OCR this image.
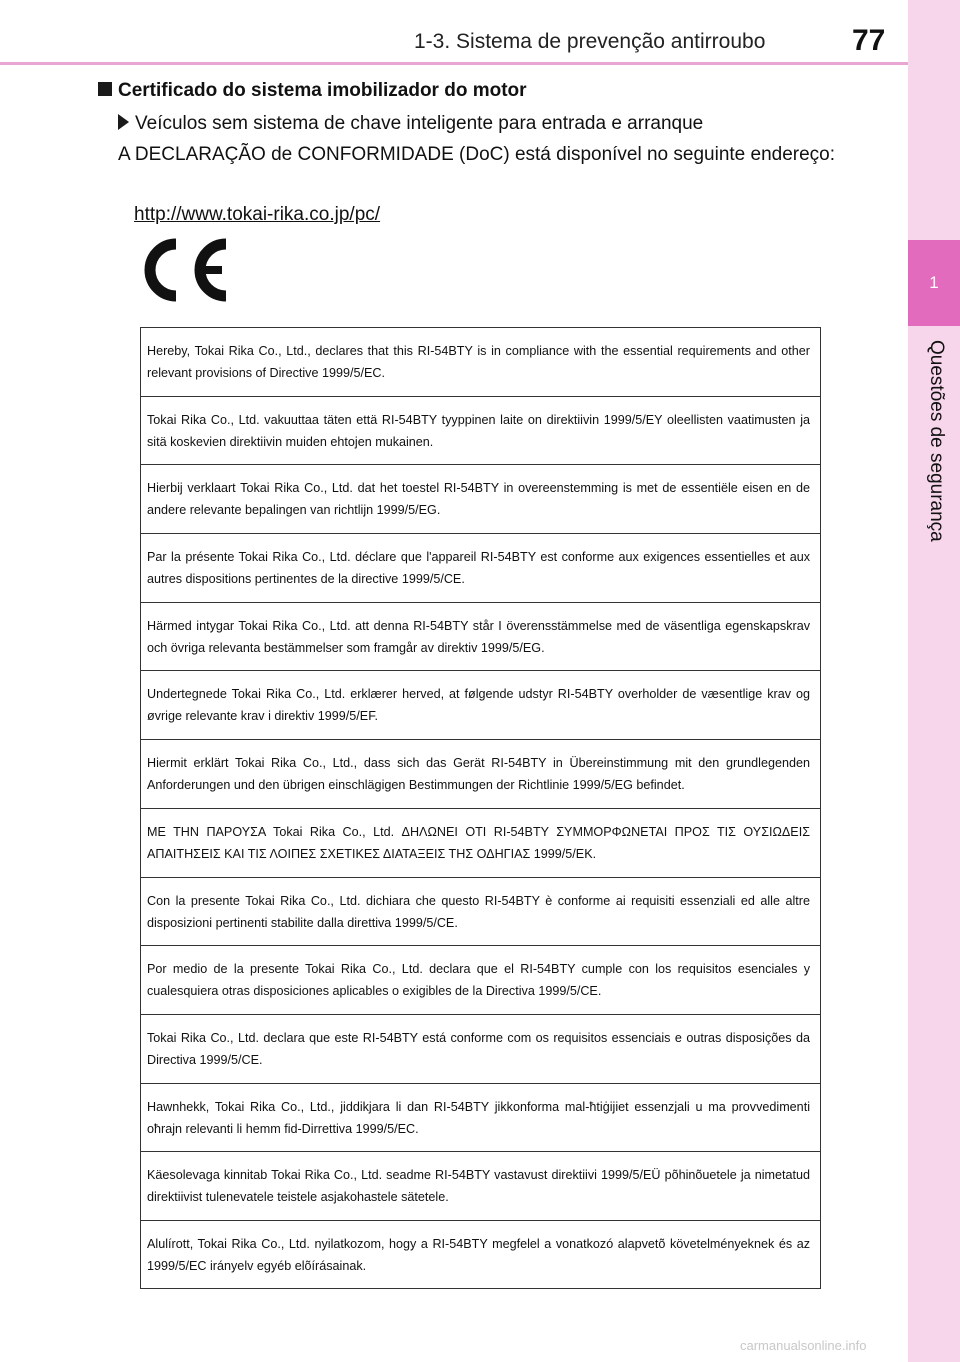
1-3. Sistema de prevenção antirroubo	77
1
Questões de segurança
Certificado do sistema imobilizador do motor
Veículos sem sistema de chave inteligente para entrada e arranque
A DECLARAÇÃO de CONFORMIDADE (DoC) está disponível no seguinte endereço:
http://www.tokai-rika.co.jp/pc/
Hereby, Tokai Rika Co., Ltd., declares that this RI-54BTY is in compliance with the essential requirements and other relevant provisions of Directive 1999/5/EC.
Tokai Rika Co., Ltd. vakuuttaa täten että RI-54BTY tyyppinen laite on direktiivin 1999/5/EY oleellisten vaatimusten ja sitä koskevien direktiivin muiden ehtojen mukainen.
Hierbij verklaart Tokai Rika Co., Ltd. dat het toestel RI-54BTY in overeenstemming is met de essentiële eisen en de andere relevante bepalingen van richtlijn 1999/5/EG.
Par la présente Tokai Rika Co., Ltd. déclare que l'appareil RI-54BTY est conforme aux exigences essentielles et aux autres dispositions pertinentes de la directive 1999/5/CE.
Härmed intygar Tokai Rika Co., Ltd. att denna RI-54BTY står I överensstämmelse med de väsentliga egenskapskrav och övriga relevanta bestämmelser som framgår av direktiv 1999/5/EG.
Undertegnede Tokai Rika Co., Ltd. erklærer herved, at følgende udstyr RI-54BTY overholder de væsentlige krav og øvrige relevante krav i direktiv 1999/5/EF.
Hiermit erklärt Tokai Rika Co., Ltd., dass sich das Gerät RI-54BTY in Übereinstimmung mit den grundlegenden Anforderungen und den übrigen einschlägigen Bestimmungen der Richtlinie 1999/5/EG befindet.
ΜΕ ΤΗΝ ΠΑΡΟΥΣΑ Tokai Rika Co., Ltd. ΔΗΛΩΝΕΙ ΟΤΙ RI-54BTY ΣΥΜΜΟΡΦΩΝΕΤΑΙ ΠΡΟΣ ΤΙΣ ΟΥΣΙΩΔΕΙΣ ΑΠΑΙΤΗΣΕΙΣ ΚΑΙ ΤΙΣ ΛΟΙΠΕΣ ΣΧΕΤΙΚΕΣ ΔΙΑΤΑΞΕΙΣ ΤΗΣ ΟΔΗΓΙΑΣ 1999/5/ΕΚ.
Con la presente Tokai Rika Co., Ltd. dichiara che questo RI-54BTY è conforme ai requisiti essenziali ed alle altre disposizioni pertinenti stabilite dalla direttiva 1999/5/CE.
Por medio de la presente Tokai Rika Co., Ltd. declara que el RI-54BTY cumple con los requisitos esenciales y cualesquiera otras disposiciones aplicables o exigibles de la Directiva 1999/5/CE.
Tokai Rika Co., Ltd. declara que este RI-54BTY está conforme com os requisitos essenciais e outras disposições da Directiva 1999/5/CE.
Hawnhekk, Tokai Rika Co., Ltd., jiddikjara li dan RI-54BTY jikkonforma mal-ħtiġijiet essenzjali u ma provvedimenti oħrajn relevanti li hemm fid-Dirrettiva 1999/5/EC.
Käesolevaga kinnitab Tokai Rika Co., Ltd. seadme RI-54BTY vastavust direktiivi 1999/5/EÜ põhinõuetele ja nimetatud direktiivist tulenevatele teistele asjakohastele sätetele.
Alulírott, Tokai Rika Co., Ltd. nyilatkozom, hogy a RI-54BTY megfelel a vonatkozó alapvetõ követelményeknek és az 1999/5/EC irányelv egyéb elõírásainak.
carmanualsonline.info
